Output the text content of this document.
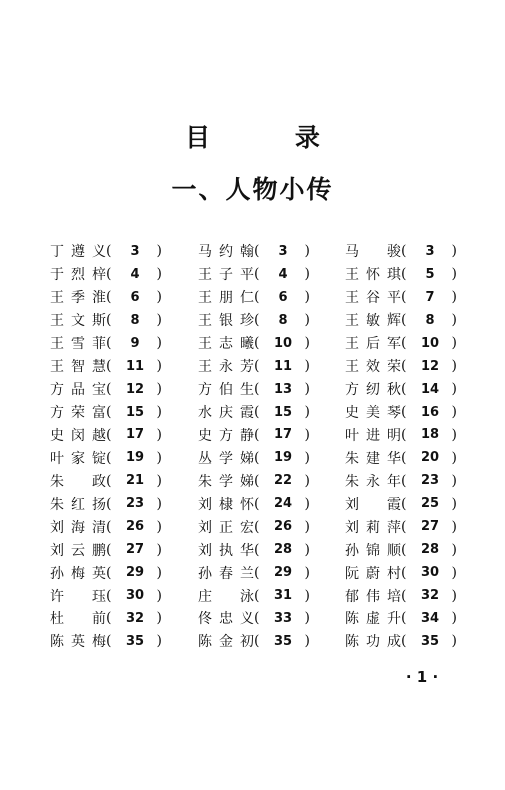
目 录
一、人物小传
丁遵义 (	3	)
于烈梓 (	4	)
王季淮 (	6	)
王文斯 (	8	)
王雪菲 (	9	)
王智慧 (	11 )
方品宝 (	12 )
方荣富 (	15 )
史闵越 (	17 )
叶家锭 (	19 )
朱　政 (	21 )
朱红扬 (	23 )
刘海清 (	26 )
刘云鹏 (	27 )
孙梅英 (	29 )
许　珏 (	30 )
杜　前 (	32 )
陈英梅 (	35 )
马约翰 (	3	)
王子平 (	4	)
王朋仁 (	6	)
王银珍 (	8	)
王志曦 (	10 )
王永芳 (	11 )
方伯生 (	13 )
水庆霞 (	15 )
史方静 (	17 )
丛学娣 (	19 )
朱学娣 (	22 )
刘棣怀 (	24 )
刘正宏 (	26 )
刘执华 (	28 )
孙春兰 (	29 )
庄　泳 (	31 )
佟忠义 (	33 )
陈金初 (	35 )
马　骏 (	3	)
王怀琪 (	5	)
王谷平 (	7	)
王敏辉 (	8	)
王后军 (	10 )
王效荣 (	12 )
方纫秋 (	14 )
史美琴 (	16 )
叶进明 (	18 )
朱建华 (	20 )
朱永年 (	23 )
刘　霞 (	25 )
刘莉萍 (	27 )
孙锦顺 (	28 )
阮蔚村 (	30 )
郁伟培 (	32 )
陈虚升 (	34 )
陈功成 (	35 )
· 1 ·
